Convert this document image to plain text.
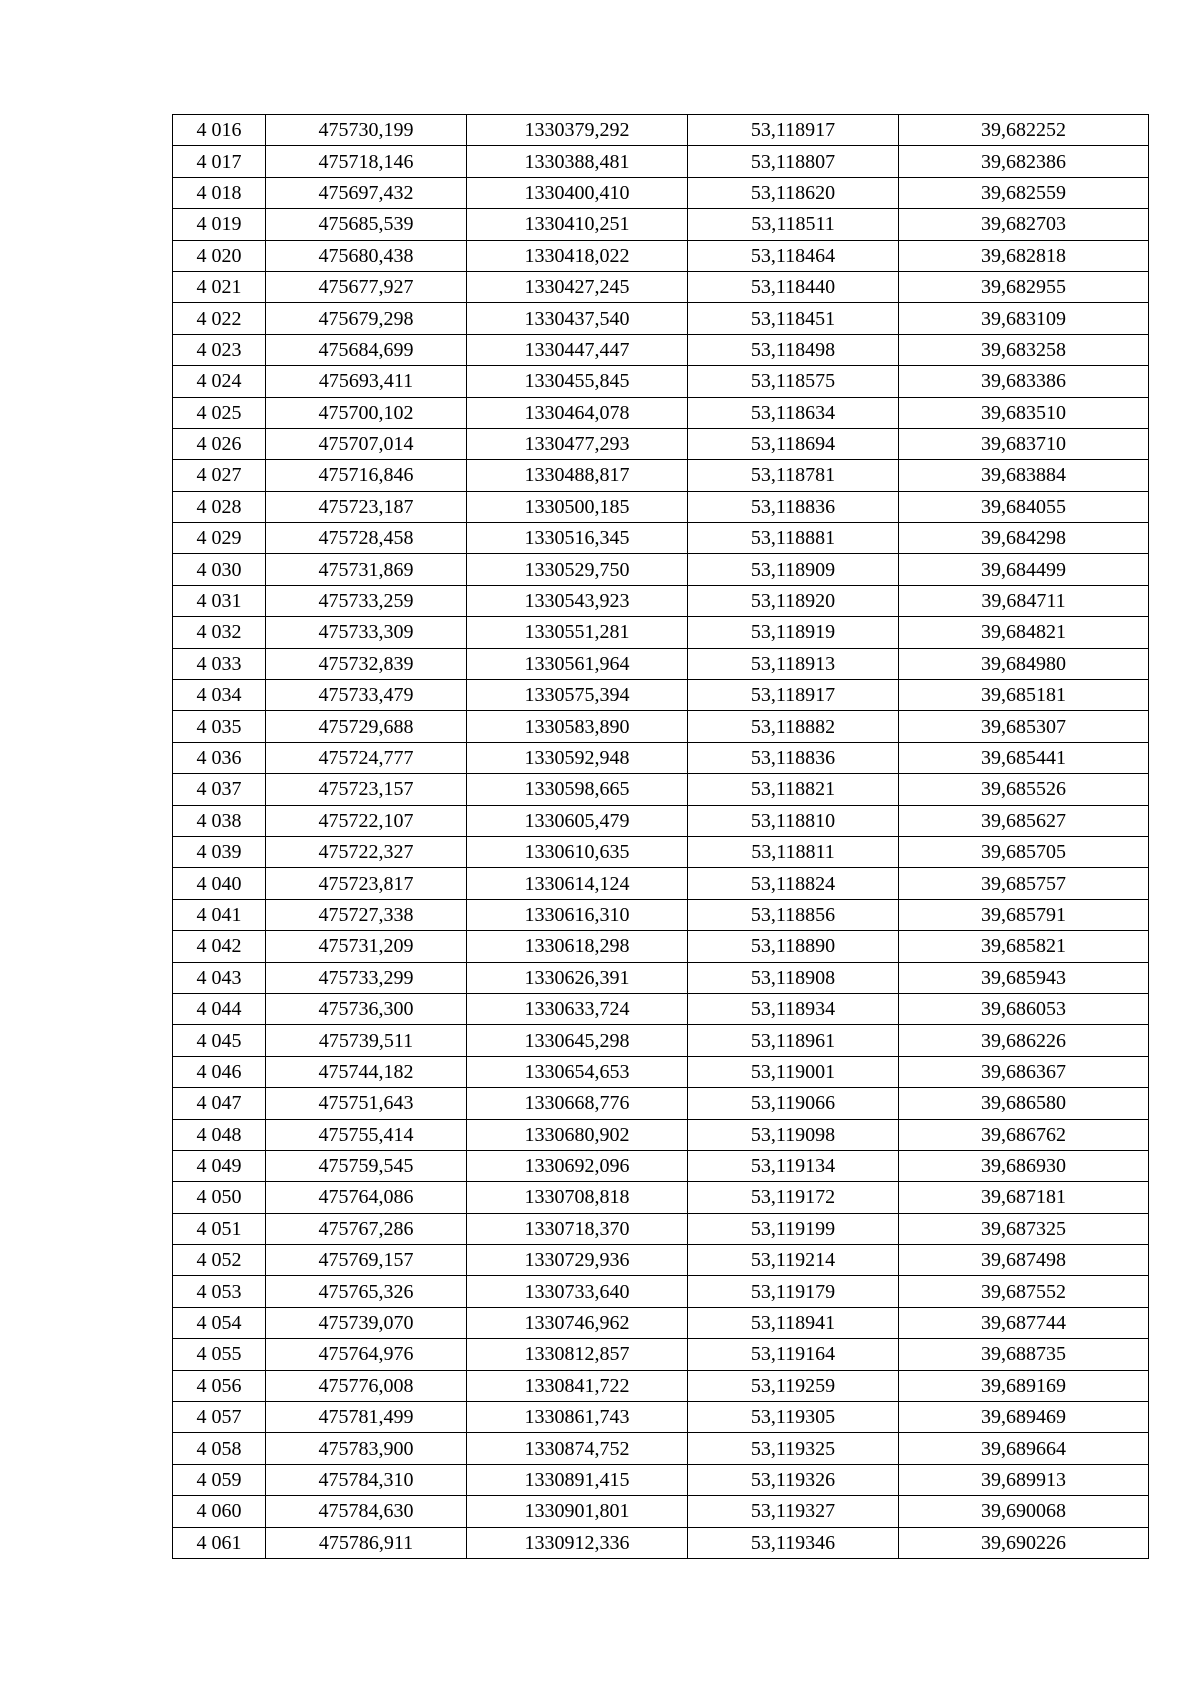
4 016	475730,199	1330379,292	53,118917	39,682252
4 017	475718,146	1330388,481	53,118807	39,682386
4 018	475697,432	1330400,410	53,118620	39,682559
4 019	475685,539	1330410,251	53,118511	39,682703
4 020	475680,438	1330418,022	53,118464	39,682818
4 021	475677,927	1330427,245	53,118440	39,682955
4 022	475679,298	1330437,540	53,118451	39,683109
4 023	475684,699	1330447,447	53,118498	39,683258
4 024	475693,411	1330455,845	53,118575	39,683386
4 025	475700,102	1330464,078	53,118634	39,683510
4 026	475707,014	1330477,293	53,118694	39,683710
4 027	475716,846	1330488,817	53,118781	39,683884
4 028	475723,187	1330500,185	53,118836	39,684055
4 029	475728,458	1330516,345	53,118881	39,684298
4 030	475731,869	1330529,750	53,118909	39,684499
4 031	475733,259	1330543,923	53,118920	39,684711
4 032	475733,309	1330551,281	53,118919	39,684821
4 033	475732,839	1330561,964	53,118913	39,684980
4 034	475733,479	1330575,394	53,118917	39,685181
4 035	475729,688	1330583,890	53,118882	39,685307
4 036	475724,777	1330592,948	53,118836	39,685441
4 037	475723,157	1330598,665	53,118821	39,685526
4 038	475722,107	1330605,479	53,118810	39,685627
4 039	475722,327	1330610,635	53,118811	39,685705
4 040	475723,817	1330614,124	53,118824	39,685757
4 041	475727,338	1330616,310	53,118856	39,685791
4 042	475731,209	1330618,298	53,118890	39,685821
4 043	475733,299	1330626,391	53,118908	39,685943
4 044	475736,300	1330633,724	53,118934	39,686053
4 045	475739,511	1330645,298	53,118961	39,686226
4 046	475744,182	1330654,653	53,119001	39,686367
4 047	475751,643	1330668,776	53,119066	39,686580
4 048	475755,414	1330680,902	53,119098	39,686762
4 049	475759,545	1330692,096	53,119134	39,686930
4 050	475764,086	1330708,818	53,119172	39,687181
4 051	475767,286	1330718,370	53,119199	39,687325
4 052	475769,157	1330729,936	53,119214	39,687498
4 053	475765,326	1330733,640	53,119179	39,687552
4 054	475739,070	1330746,962	53,118941	39,687744
4 055	475764,976	1330812,857	53,119164	39,688735
4 056	475776,008	1330841,722	53,119259	39,689169
4 057	475781,499	1330861,743	53,119305	39,689469
4 058	475783,900	1330874,752	53,119325	39,689664
4 059	475784,310	1330891,415	53,119326	39,689913
4 060	475784,630	1330901,801	53,119327	39,690068
4 061	475786,911	1330912,336	53,119346	39,690226
